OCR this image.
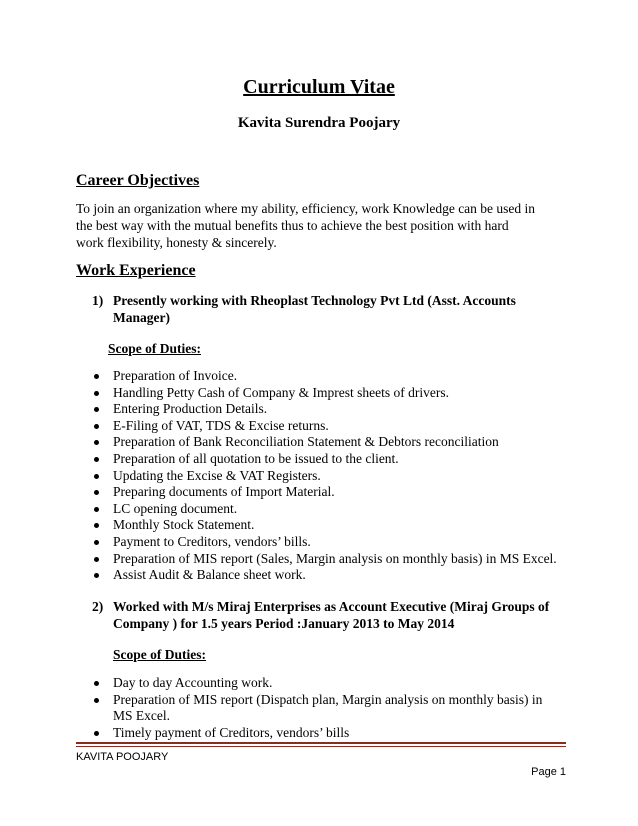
Curriculum Vitae
Kavita Surendra Poojary
Career Objectives
To join an organization where my ability, efficiency, work Knowledge can be used in
the best way with the mutual benefits thus to achieve the best position with hard
work flexibility, honesty & sincerely.
Work Experience
1) Presently working with Rheoplast Technology Pvt Ltd (Asst. Accounts
Manager)
Scope of Duties:
Preparation of Invoice.
Handling Petty Cash of Company & Imprest sheets of drivers.
Entering Production Details.
E-Filing of VAT, TDS & Excise returns.
Preparation of Bank Reconciliation Statement & Debtors reconciliation
Preparation of all quotation to be issued to the client.
Updating the Excise & VAT Registers.
Preparing documents of Import Material.
LC opening document.
Monthly Stock Statement.
Payment to Creditors, vendors’ bills.
Preparation of MIS report (Sales, Margin analysis on monthly basis) in MS Excel.
Assist Audit & Balance sheet work.
2) Worked with M/s Miraj Enterprises as Account Executive (Miraj Groups of
Company ) for 1.5 years Period :January 2013 to May 2014
Scope of Duties:
Day to day Accounting work.
Preparation of MIS report (Dispatch plan, Margin analysis on monthly basis) in
MS Excel.
Timely payment of Creditors, vendors’ bills
KAVITA POOJARY
Page 1
